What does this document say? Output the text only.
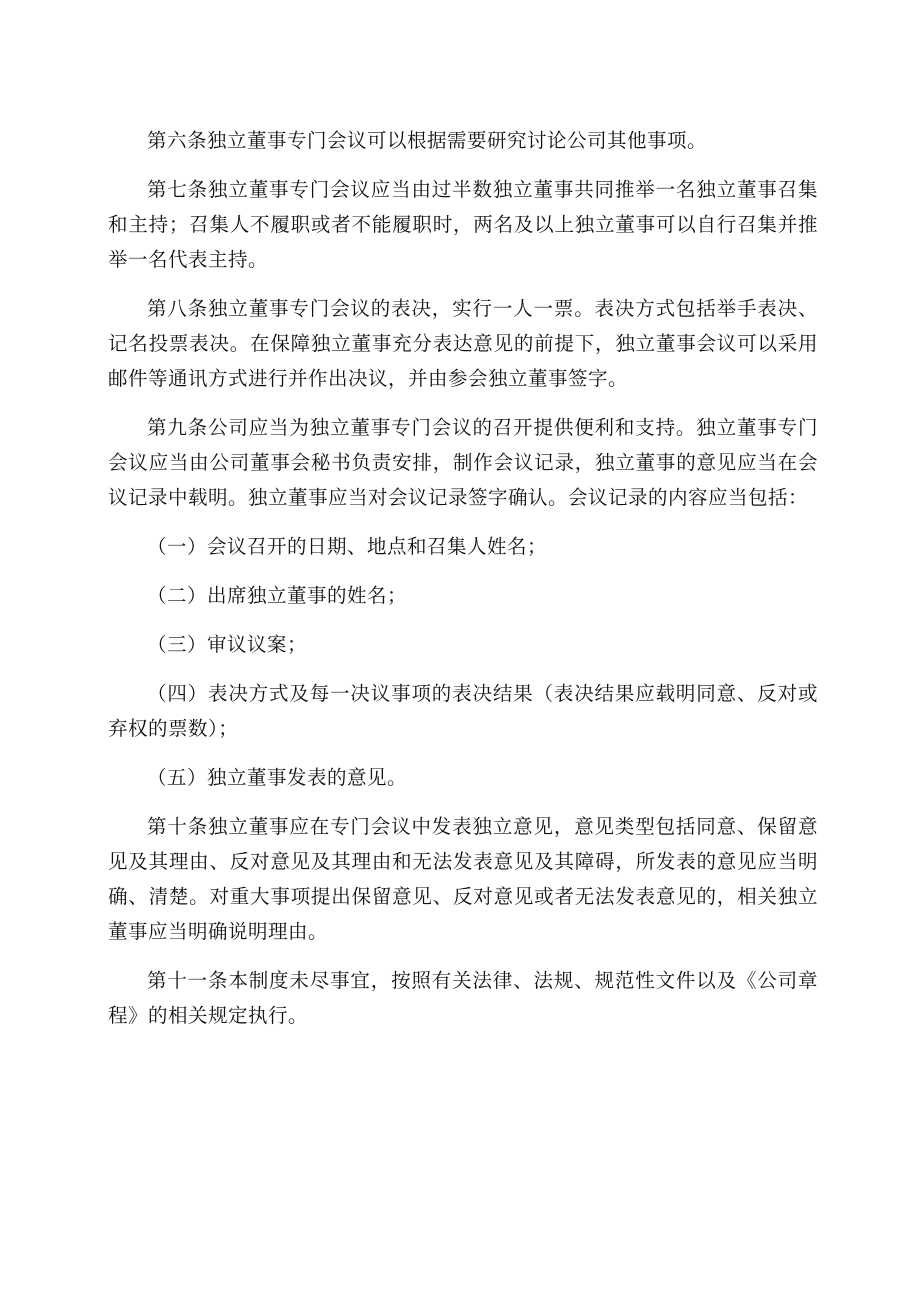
第六条独立董事专门会议可以根据需要研究讨论公司其他事项。

第七条独立董事专门会议应当由过半数独立董事共同推举一名独立董事召集和主持；召集人不履职或者不能履职时，两名及以上独立董事可以自行召集并推举一名代表主持。

第八条独立董事专门会议的表决，实行一人一票。表决方式包括举手表决、记名投票表决。在保障独立董事充分表达意见的前提下，独立董事会议可以采用邮件等通讯方式进行并作出决议，并由参会独立董事签字。

第九条公司应当为独立董事专门会议的召开提供便利和支持。独立董事专门会议应当由公司董事会秘书负责安排，制作会议记录，独立董事的意见应当在会议记录中载明。独立董事应当对会议记录签字确认。会议记录的内容应当包括：

（一）会议召开的日期、地点和召集人姓名；

（二）出席独立董事的姓名；

（三）审议议案；

（四）表决方式及每一决议事项的表决结果（表决结果应载明同意、反对或弃权的票数）；

（五）独立董事发表的意见。

第十条独立董事应在专门会议中发表独立意见，意见类型包括同意、保留意见及其理由、反对意见及其理由和无法发表意见及其障碍，所发表的意见应当明确、清楚。对重大事项提出保留意见、反对意见或者无法发表意见的，相关独立董事应当明确说明理由。

第十一条本制度未尽事宜，按照有关法律、法规、规范性文件以及《公司章程》的相关规定执行。
